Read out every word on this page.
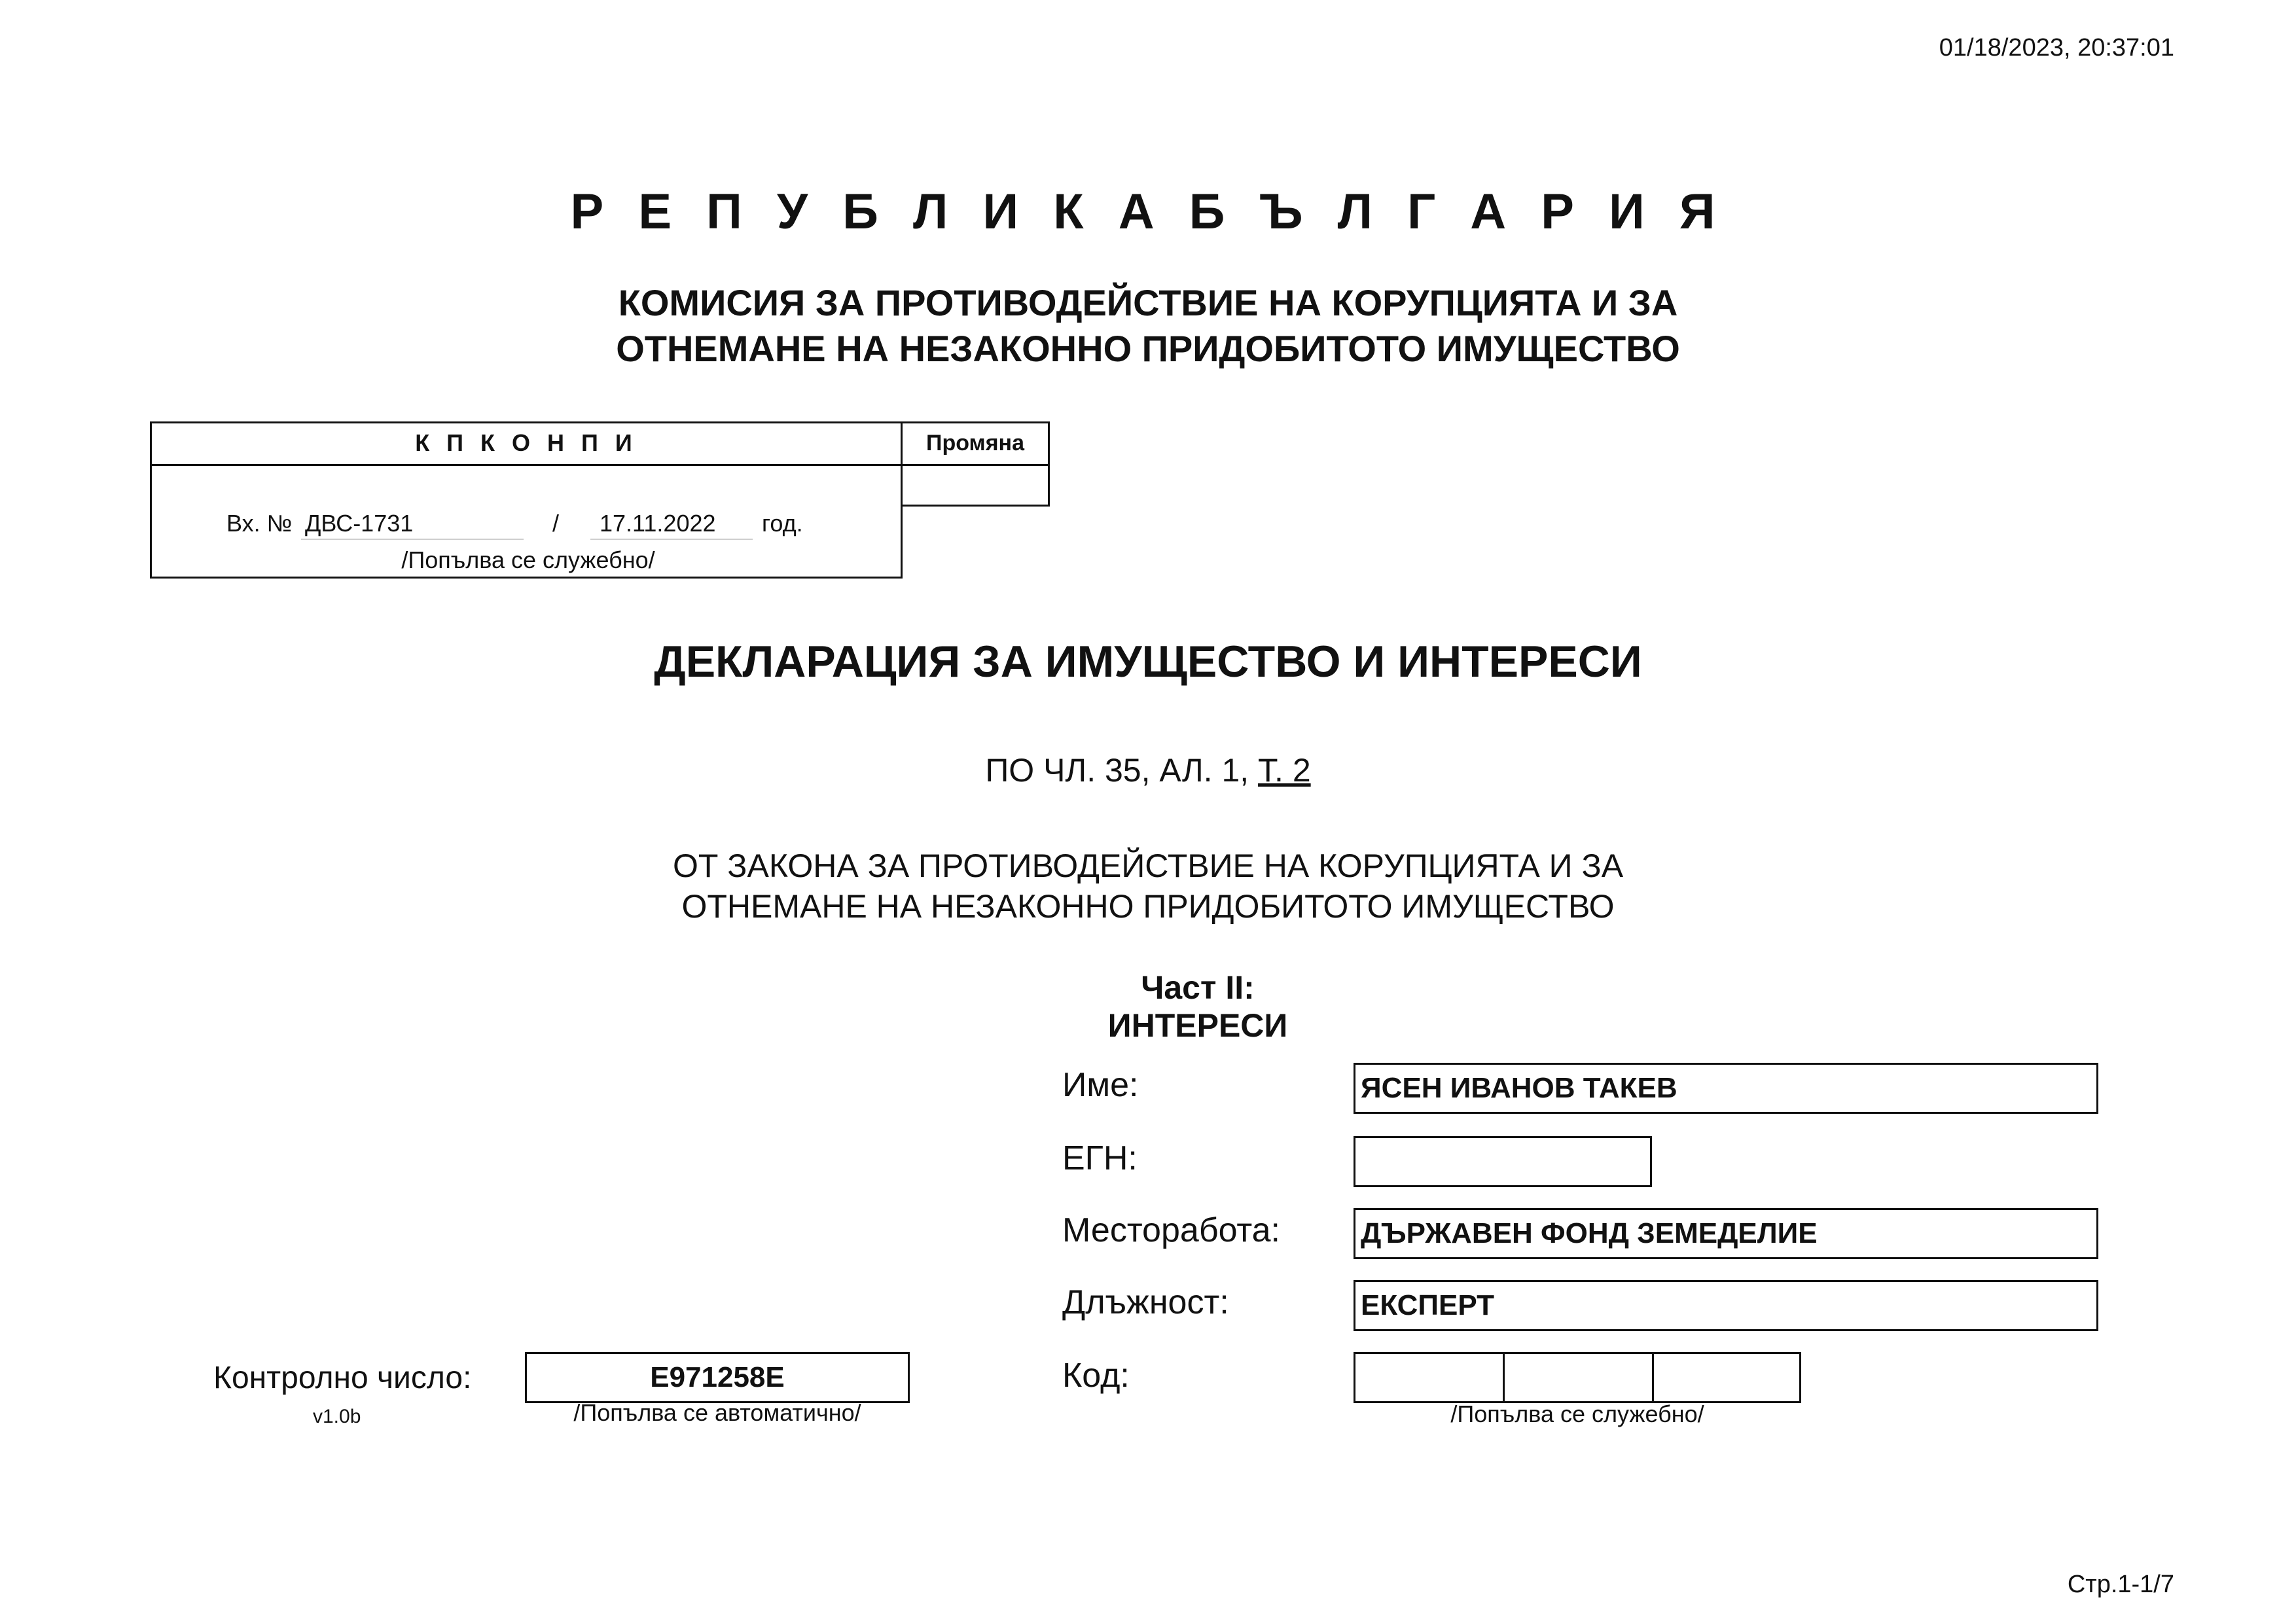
01/18/2023, 20:37:01
Р Е П У Б Л И К А Б Ъ Л Г А Р И Я
КОМИСИЯ ЗА ПРОТИВОДЕЙСТВИЕ НА КОРУПЦИЯТА И ЗА
ОТНЕМАНЕ НА НЕЗАКОННО ПРИДОБИТОТО ИМУЩЕСТВО
К П К О Н П И
Вх. № ДВС-1731	/	17.11.2022	год.
/Попълва се служебно/
Промяна
ДЕКЛАРАЦИЯ ЗА ИМУЩЕСТВО И ИНТЕРЕСИ
ПО ЧЛ. 35, АЛ. 1, Т. 2
ОТ ЗАКОНА ЗА ПРОТИВОДЕЙСТВИЕ НА КОРУПЦИЯТА И ЗА
ОТНЕМАНЕ НА НЕЗАКОННО ПРИДОБИТОТО ИМУЩЕСТВО
Част II: ИНТЕРЕСИ
Име:	ЯСЕН ИВАНОВ ТАКЕВ
ЕГН:
Месторабота:	ДЪРЖАВЕН ФОНД ЗЕМЕДЕЛИЕ
Длъжност:	ЕКСПЕРТ
Код:
/Попълва се служебно/
Контролно число:	E971258E
v1.0b	/Попълва се автоматично/
Стр.1-1/7
